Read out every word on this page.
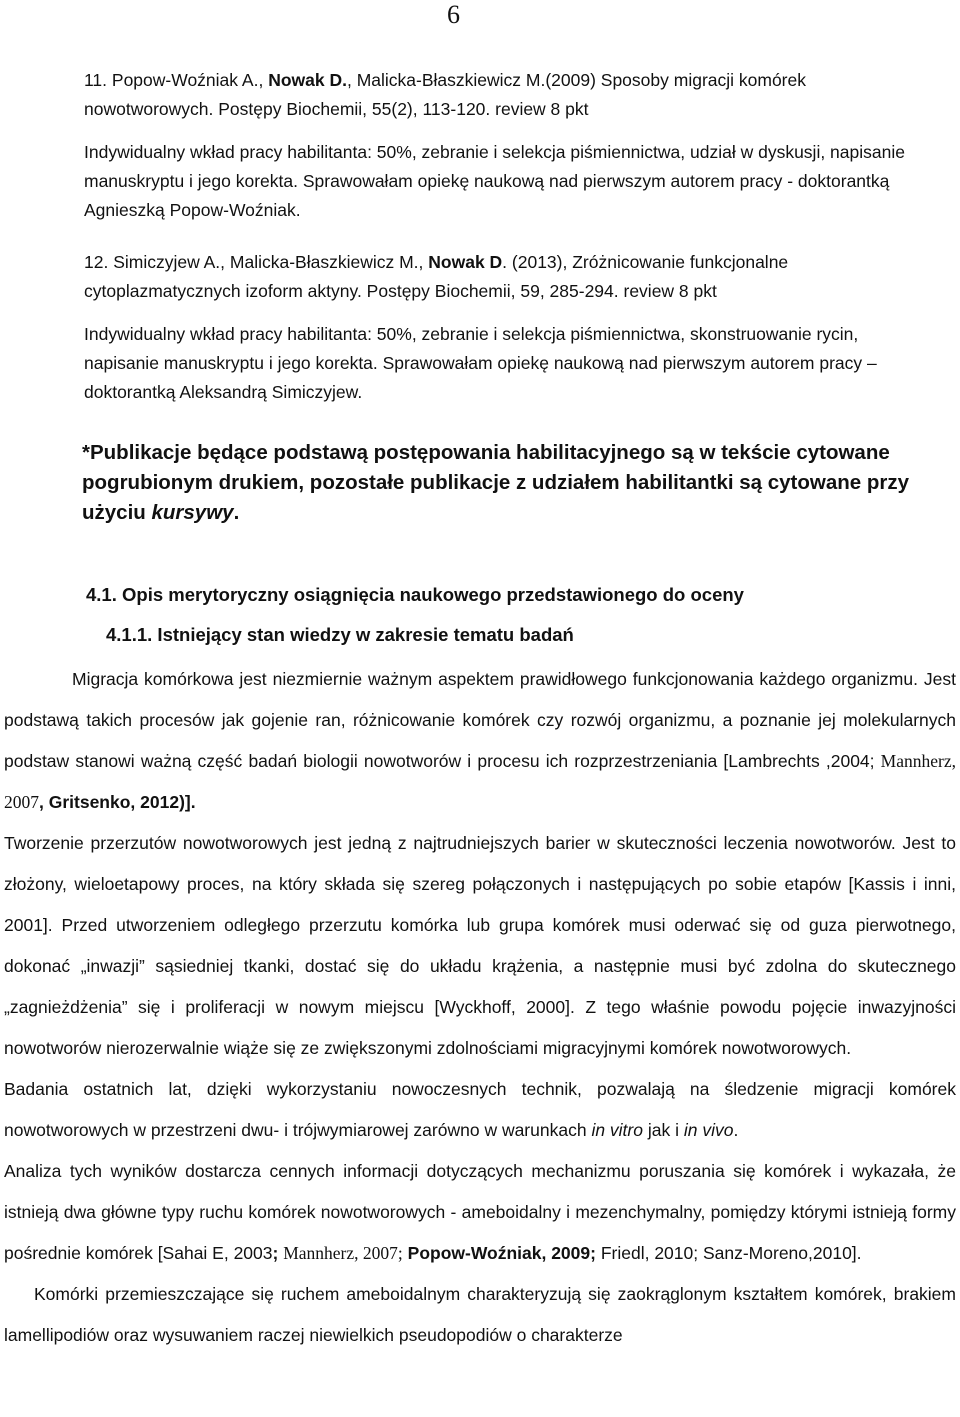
6

11. Popow-Woźniak A., Nowak D., Malicka-Błaszkiewicz M.(2009) Sposoby migracji komórek nowotworowych. Postępy Biochemii, 55(2), 113-120. review 8 pkt

Indywidualny wkład pracy habilitanta: 50%, zebranie i selekcja piśmiennictwa, udział w dyskusji, napisanie manuskryptu i jego korekta. Sprawowałam opiekę naukową nad pierwszym autorem pracy - doktorantką Agnieszką Popow-Woźniak.

12. Simiczyjew A., Malicka-Błaszkiewicz M., Nowak D. (2013), Zróżnicowanie funkcjonalne cytoplazmatycznych izoform aktyny. Postępy Biochemii, 59, 285-294. review 8 pkt

Indywidualny wkład pracy habilitanta: 50%, zebranie i selekcja piśmiennictwa, skonstruowanie rycin, napisanie manuskryptu i jego korekta. Sprawowałam opiekę naukową nad pierwszym autorem pracy – doktorantką Aleksandrą Simiczyjew.

*Publikacje będące podstawą postępowania habilitacyjnego są w tekście cytowane pogrubionym drukiem, pozostałe publikacje z udziałem habilitantki są cytowane przy użyciu kursywy.
4.1. Opis merytoryczny osiągnięcia naukowego przedstawionego do oceny
4.1.1. Istniejący stan wiedzy w zakresie tematu badań

Migracja komórkowa jest niezmiernie ważnym aspektem prawidłowego funkcjonowania każdego organizmu. Jest podstawą takich procesów jak gojenie ran, różnicowanie komórek czy rozwój organizmu, a poznanie jej molekularnych podstaw stanowi ważną część badań biologii nowotworów i procesu ich rozprzestrzeniania [Lambrechts ,2004; Mannherz, 2007, Gritsenko, 2012)].

Tworzenie przerzutów nowotworowych jest jedną z najtrudniejszych barier w skuteczności leczenia nowotworów. Jest to złożony, wieloetapowy proces, na który składa się szereg połączonych i następujących po sobie etapów [Kassis i inni, 2001]. Przed utworzeniem odległego przerzutu komórka lub grupa komórek musi oderwać się od guza pierwotnego, dokonać „inwazji” sąsiedniej tkanki, dostać się do układu krążenia, a następnie musi być zdolna do skutecznego „zagnieżdżenia” się i proliferacji w nowym miejscu [Wyckhoff, 2000]. Z tego właśnie powodu pojęcie inwazyjności nowotworów nierozerwalnie wiąże się ze zwiększonymi zdolnościami migracyjnymi komórek nowotworowych.

Badania ostatnich lat, dzięki wykorzystaniu nowoczesnych technik, pozwalają na śledzenie migracji komórek nowotworowych w przestrzeni dwu- i trójwymiarowej zarówno w warunkach in vitro jak i in vivo.

Analiza tych wyników dostarcza cennych informacji dotyczących mechanizmu poruszania się komórek i wykazała, że istnieją dwa główne typy ruchu komórek nowotworowych - ameboidalny i mezenchymalny, pomiędzy którymi istnieją formy pośrednie komórek [Sahai E, 2003; Mannherz, 2007; Popow-Woźniak, 2009; Friedl, 2010; Sanz-Moreno,2010].

Komórki przemieszczające się ruchem ameboidalnym charakteryzują się zaokrąglonym kształtem komórek, brakiem lamellipodiów oraz wysuwaniem raczej niewielkich pseudopodiów o charakterze
